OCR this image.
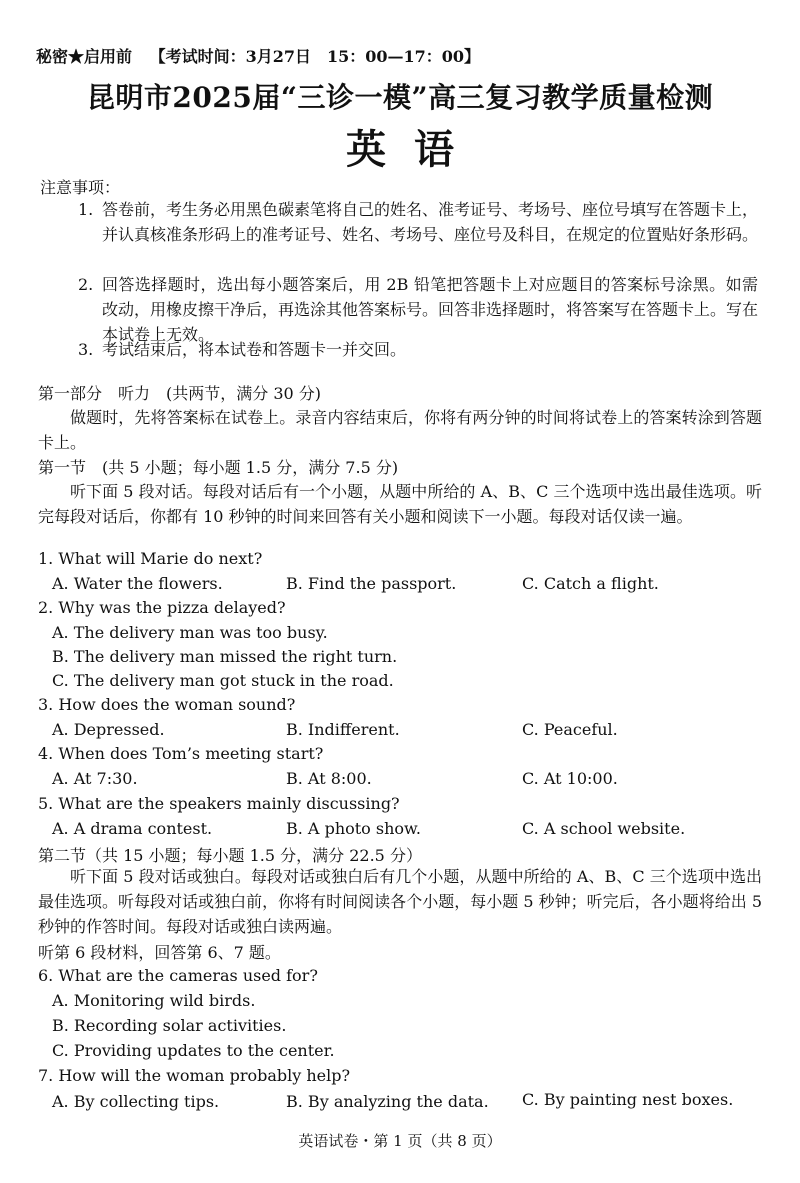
秘密★启用前 【考试时间：3月27日　15：00—17：00】
昆明市2025届“三诊一模”高三复习教学质量检测
英语
注意事项：
1. 答卷前，考生务必用黑色碳素笔将自己的姓名、准考证号、考场号、座位号填写在答题卡上，并认真核准条形码上的准考证号、姓名、考场号、座位号及科目，在规定的位置贴好条形码。
2. 回答选择题时，选出每小题答案后，用 2B 铅笔把答题卡上对应题目的答案标号涂黑。如需改动，用橡皮擦干净后，再选涂其他答案标号。回答非选择题时，将答案写在答题卡上。写在本试卷上无效。
3. 考试结束后，将本试卷和答题卡一并交回。
第一部分　听力　(共两节，满分 30 分)
做题时，先将答案标在试卷上。录音内容结束后，你将有两分钟的时间将试卷上的答案转涂到答题卡上。
第一节　(共 5 小题；每小题 1.5 分，满分 7.5 分)
听下面 5 段对话。每段对话后有一个小题，从题中所给的 A、B、C 三个选项中选出最佳选项。听完每段对话后，你都有 10 秒钟的时间来回答有关小题和阅读下一小题。每段对话仅读一遍。
1. What will Marie do next?
A. Water the flowers.	B. Find the passport.	C. Catch a flight.
2. Why was the pizza delayed?
A. The delivery man was too busy.
B. The delivery man missed the right turn.
C. The delivery man got stuck in the road.
3. How does the woman sound?
A. Depressed.	B. Indifferent.	C. Peaceful.
4. When does Tom’s meeting start?
A. At 7:30.	B. At 8:00.	C. At 10:00.
5. What are the speakers mainly discussing?
A. A drama contest.	B. A photo show.	C. A school website.
第二节（共 15 小题；每小题 1.5 分，满分 22.5 分）
听下面 5 段对话或独白。每段对话或独白后有几个小题，从题中所给的 A、B、C 三个选项中选出最佳选项。听每段对话或独白前，你将有时间阅读各个小题，每小题 5 秒钟；听完后，各小题将给出 5 秒钟的作答时间。每段对话或独白读两遍。
听第 6 段材料，回答第 6、7 题。
6. What are the cameras used for?
A. Monitoring wild birds.
B. Recording solar activities.
C. Providing updates to the center.
7. How will the woman probably help?
A. By collecting tips.	B. By analyzing the data. C. By painting nest boxes.
英语试卷・第 1 页（共 8 页）
